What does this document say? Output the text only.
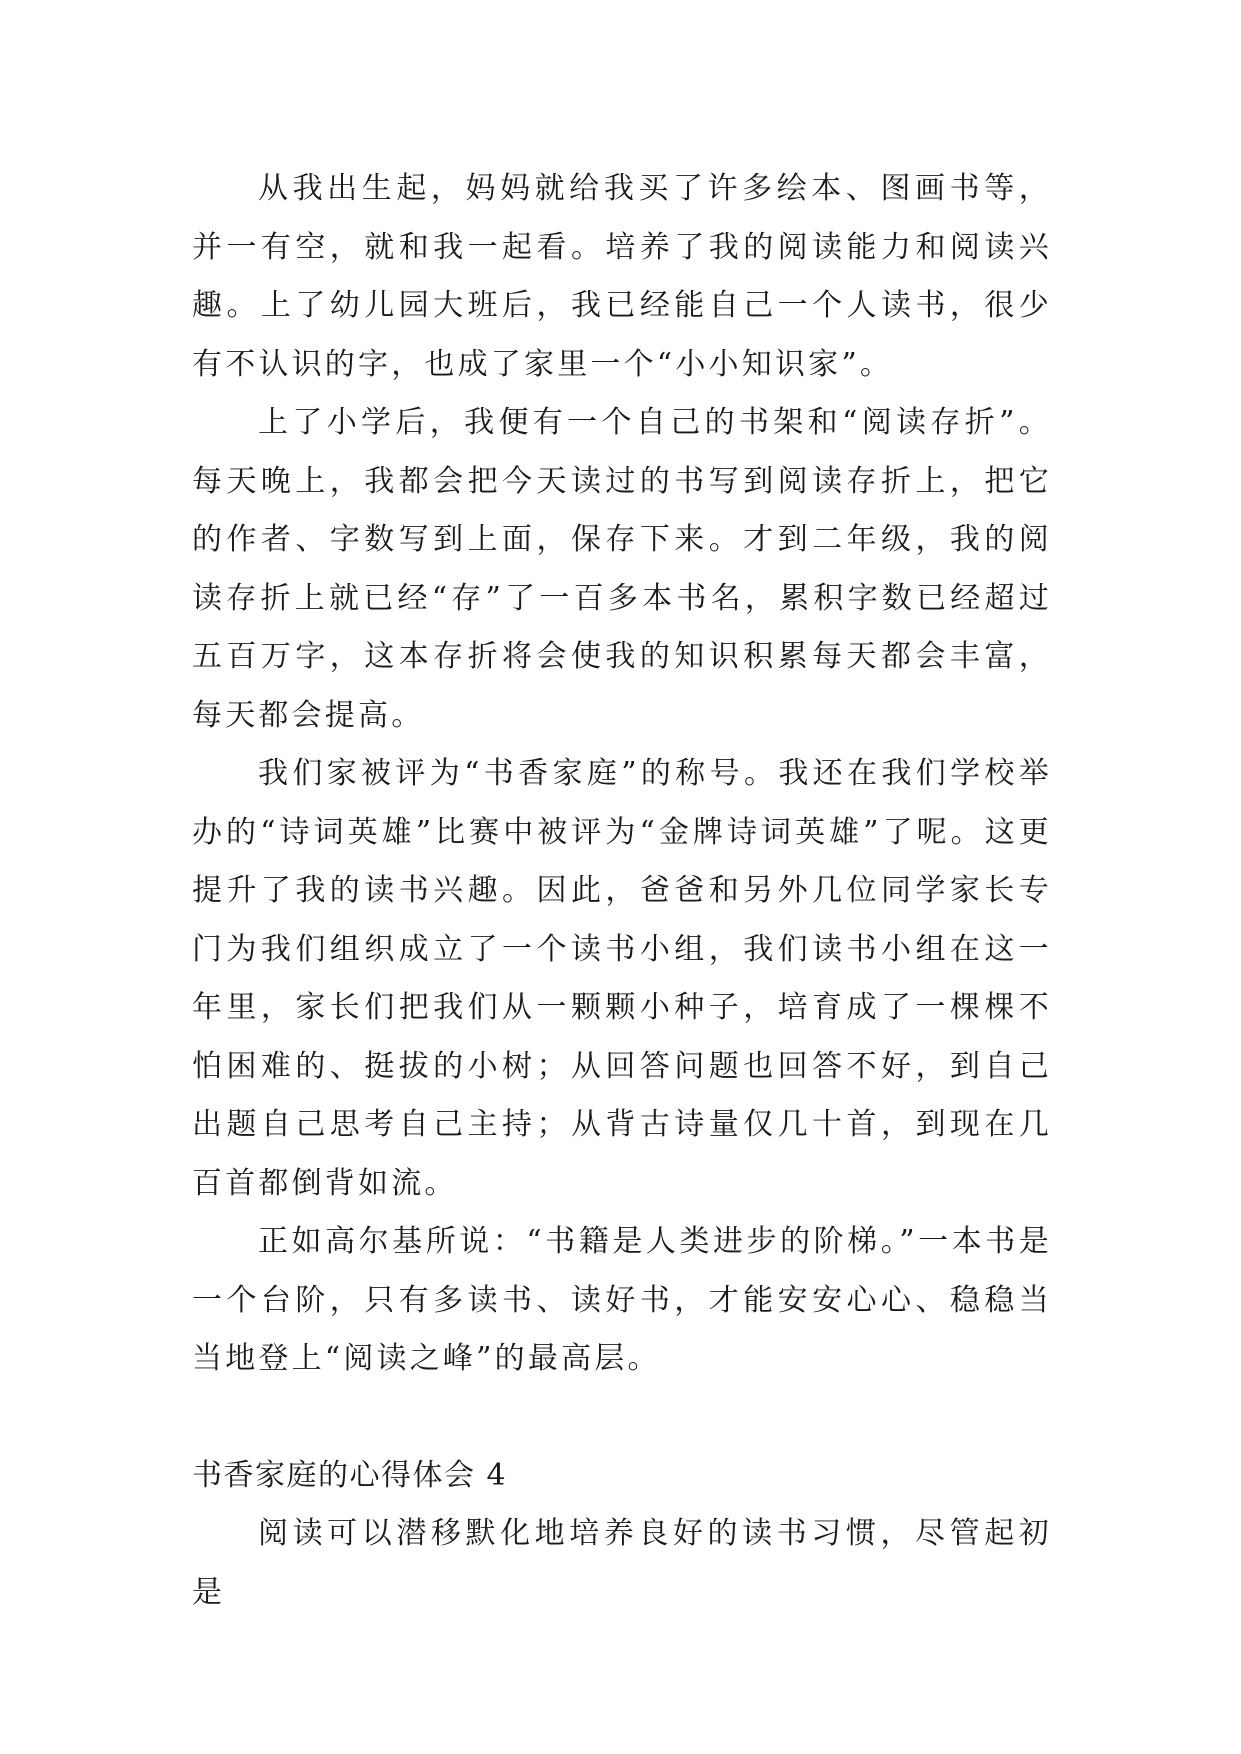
从我出生起，妈妈就给我买了许多绘本、图画书等，并一有空，就和我一起看。培养了我的阅读能力和阅读兴趣。上了幼儿园大班后，我已经能自己一个人读书，很少有不认识的字，也成了家里一个“小小知识家”。

上了小学后，我便有一个自己的书架和“阅读存折”。每天晚上，我都会把今天读过的书写到阅读存折上，把它的作者、字数写到上面，保存下来。才到二年级，我的阅读存折上就已经“存”了一百多本书名，累积字数已经超过五百万字，这本存折将会使我的知识积累每天都会丰富，每天都会提高。

我们家被评为“书香家庭”的称号。我还在我们学校举办的“诗词英雄”比赛中被评为“金牌诗词英雄”了呢。这更提升了我的读书兴趣。因此，爸爸和另外几位同学家长专门为我们组织成立了一个读书小组，我们读书小组在这一年里，家长们把我们从一颗颗小种子，培育成了一棵棵不怕困难的、挺拔的小树；从回答问题也回答不好，到自己出题自己思考自己主持；从背古诗量仅几十首，到现在几百首都倒背如流。

正如高尔基所说：“书籍是人类进步的阶梯。”一本书是一个台阶，只有多读书、读好书，才能安安心心、稳稳当当地登上“阅读之峰”的最高层。

书香家庭的心得体会 4

阅读可以潜移默化地培养良好的读书习惯，尽管起初是
